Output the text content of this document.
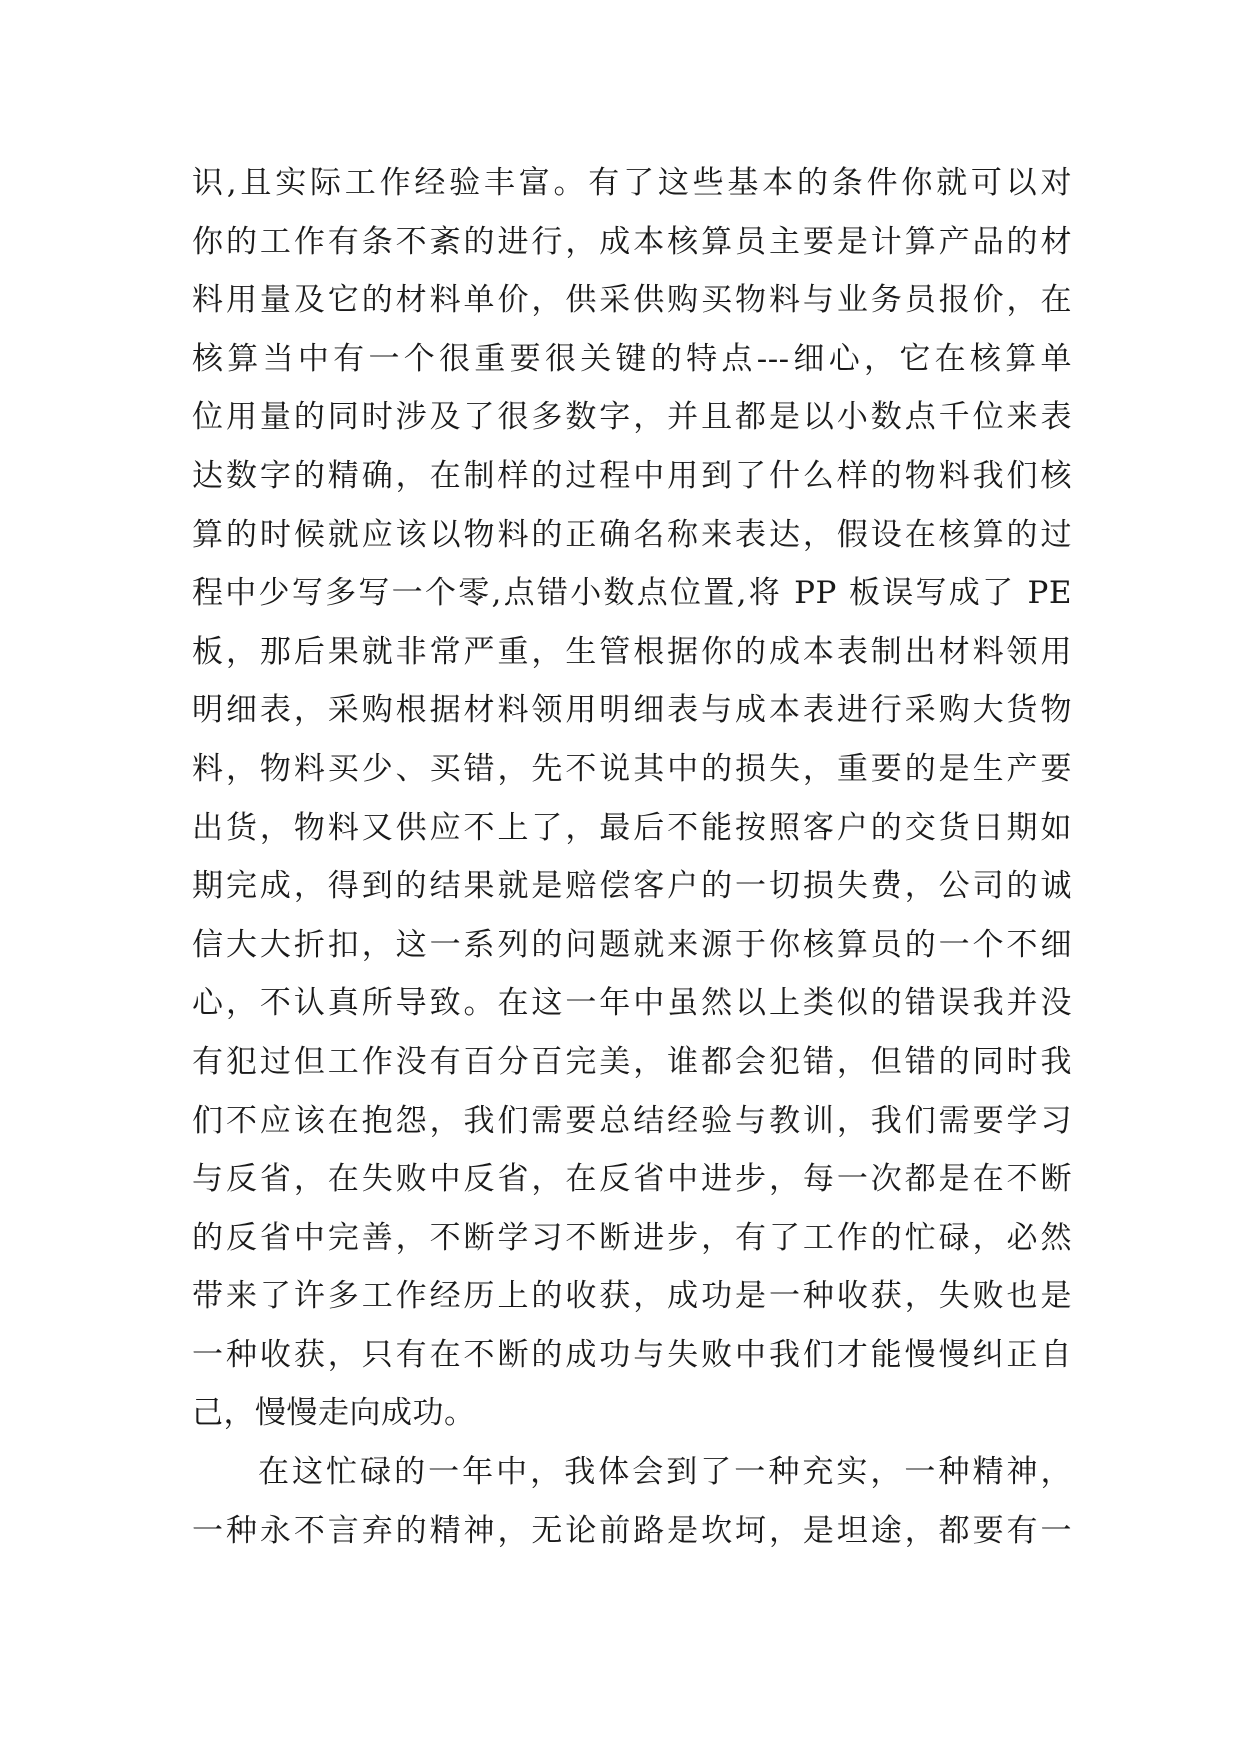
识,且实际工作经验丰富。有了这些基本的条件你就可以对
你的工作有条不紊的进行，成本核算员主要是计算产品的材
料用量及它的材料单价，供采供购买物料与业务员报价，在
核算当中有一个很重要很关键的特点---细心，它在核算单
位用量的同时涉及了很多数字，并且都是以小数点千位来表
达数字的精确，在制样的过程中用到了什么样的物料我们核
算的时候就应该以物料的正确名称来表达，假设在核算的过
程中少写多写一个零,点错小数点位置,将 PP 板误写成了 PE
板，那后果就非常严重，生管根据你的成本表制出材料领用
明细表，采购根据材料领用明细表与成本表进行采购大货物
料，物料买少、买错，先不说其中的损失，重要的是生产要
出货，物料又供应不上了，最后不能按照客户的交货日期如
期完成，得到的结果就是赔偿客户的一切损失费，公司的诚
信大大折扣，这一系列的问题就来源于你核算员的一个不细
心，不认真所导致。在这一年中虽然以上类似的错误我并没
有犯过但工作没有百分百完美，谁都会犯错，但错的同时我
们不应该在抱怨，我们需要总结经验与教训，我们需要学习
与反省，在失败中反省，在反省中进步，每一次都是在不断
的反省中完善，不断学习不断进步，有了工作的忙碌，必然
带来了许多工作经历上的收获，成功是一种收获，失败也是
一种收获，只有在不断的成功与失败中我们才能慢慢纠正自
己，慢慢走向成功。
在这忙碌的一年中，我体会到了一种充实，一种精神，
一种永不言弃的精神，无论前路是坎坷，是坦途，都要有一
